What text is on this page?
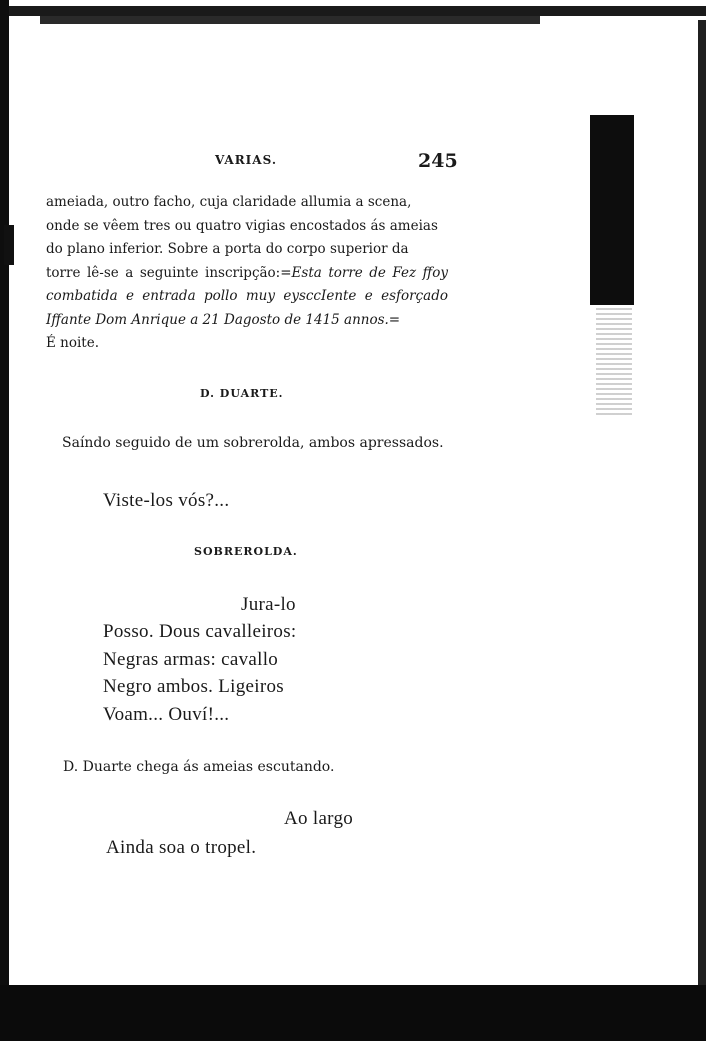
VARIAS.	245

ameiada, outro facho, cuja claridade allumia a scena,
onde se vêem tres ou quatro vigias encostados ás ameias
do plano inferior. Sobre a porta do corpo superior da
torre lê-se a seguinte inscripção:=Esta torre de Fez ffoy combatida e entrada pollo muy eysccIente e esforçado Iffante Dom Anrique a 21 Dagosto de 1415 annos.=
É noite.

D. DUARTE.
Saíndo seguido de um sobrerolda, ambos apressados.
Viste-los vós?...
SOBREROLDA.
Jura-lo
Posso. Dous cavalleiros:
Negras armas: cavallo
Negro ambos. Ligeiros
Voam... Ouví!...
D. Duarte chega ás ameias escutando.
Ao largo
Ainda soa o tropel.
